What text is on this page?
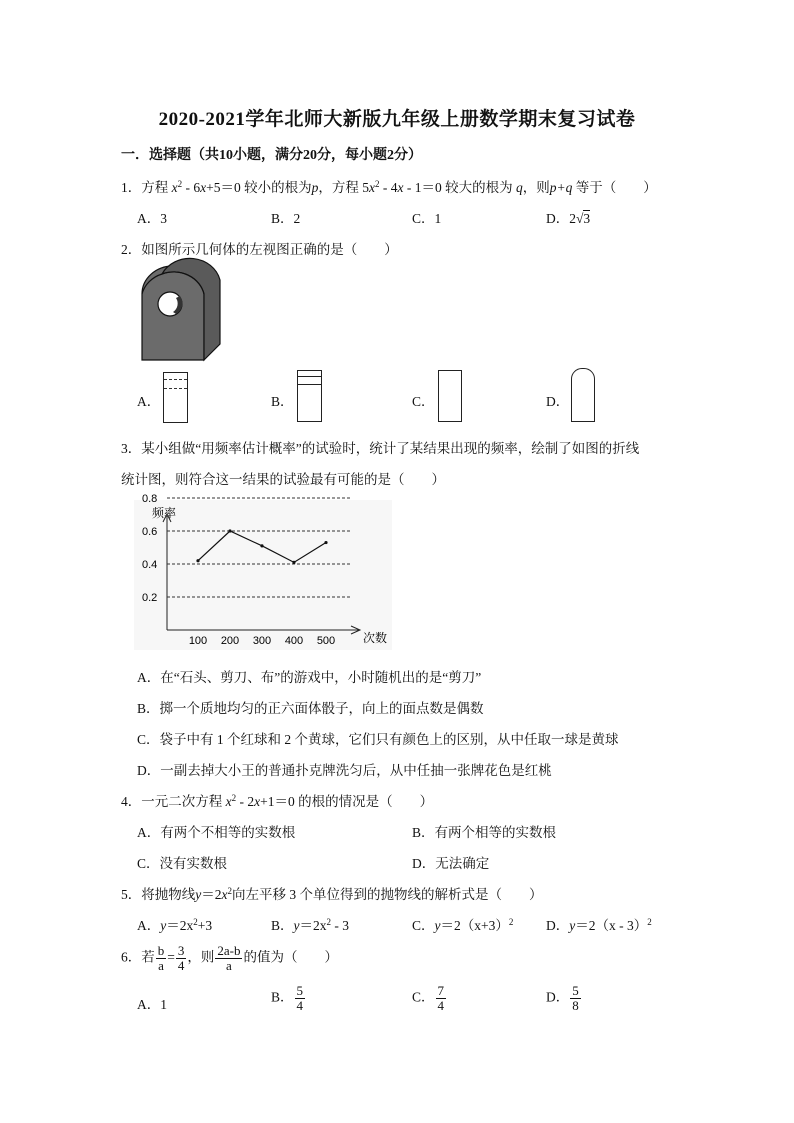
2020-2021学年北师大新版九年级上册数学期末复习试卷
一．选择题（共10小题，满分20分，每小题2分）
1．方程 $x^2 - 6x+5=0$ 较小的根为p，方程 $5x^2 - 4x - 1=0$ 较大的根为 q，则p+q 等于（　　）
A．3	B．2	C．1	D．2√3
2．如图所示几何体的左视图正确的是（　　）
A．	B．	C．	D．
3．某小组做“用频率估计概率”的试验时，统计了某结果出现的频率，绘制了如图的折线
统计图，则符合这一结果的试验最有可能的是（　　）
频率
次数
0.8
0.6
0.4
0.2
100 200 300 400 500
A．在“石头、剪刀、布”的游戏中，小时随机出的是“剪刀”
B．掷一个质地均匀的正六面体骰子，向上的面点数是偶数
C．袋子中有 1 个红球和 2 个黄球，它们只有颜色上的区别，从中任取一球是黄球
D．一副去掉大小王的普通扑克牌洗匀后，从中任抽一张牌花色是红桃
4．一元二次方程 $x^2 - 2x+1=0$ 的根的情况是（　　）
A．有两个不相等的实数根	B．有两个相等的实数根
C．没有实数根	D．无法确定
5．将抛物线$y=2x^2$向左平移 3 个单位得到的抛物线的解析式是（　　）
A．$y=2x^2+3$	B．$y=2x^2 - 3$	C．$y=2(x+3)^2$ D．y＝2（x - 3）$^2$
6．若 $\frac{b}{a} = \frac{3}{4}$ ，则 $\frac{2a-b}{a}$ 的值为（　　）
A．1	B． $\frac{5}{4}$	C． $\frac{7}{4}$	D． $\frac{5}{8}$
